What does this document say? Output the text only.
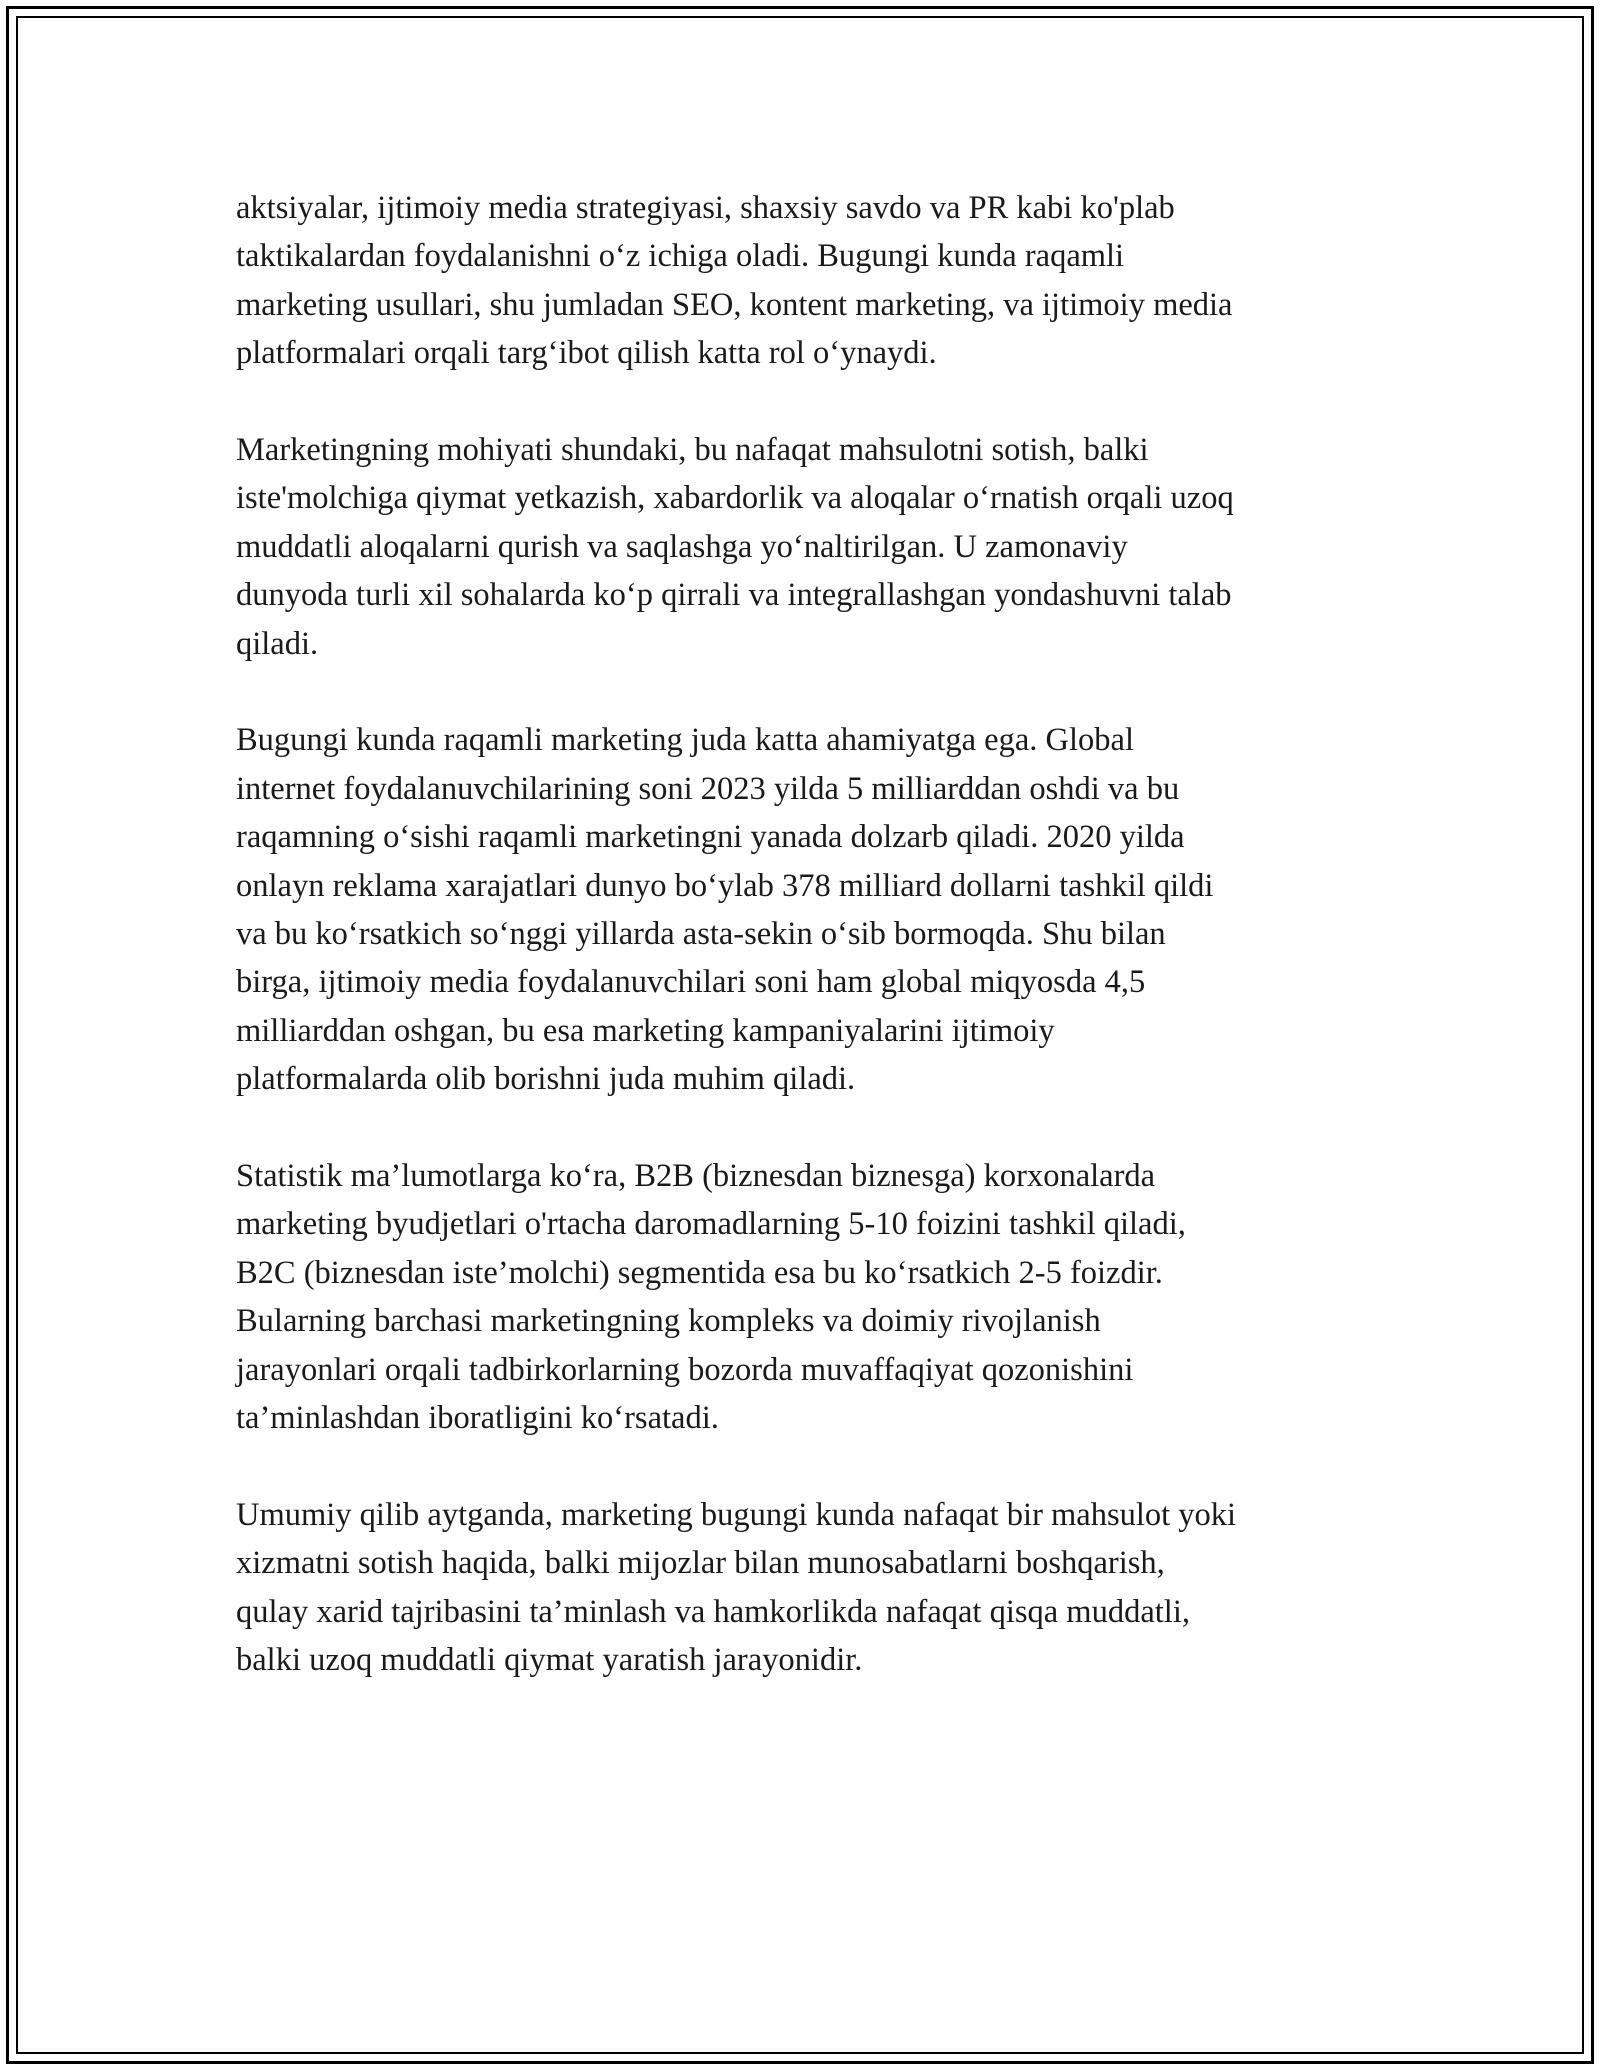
aktsiyalar, ijtimoiy media strategiyasi, shaxsiy savdo va PR kabi ko'plab
taktikalardan foydalanishni o‘z ichiga oladi. Bugungi kunda raqamli
marketing usullari, shu jumladan SEO, kontent marketing, va ijtimoiy media
platformalari orqali targ‘ibot qilish katta rol o‘ynaydi.

Marketingning mohiyati shundaki, bu nafaqat mahsulotni sotish, balki
iste'molchiga qiymat yetkazish, xabardorlik va aloqalar o‘rnatish orqali uzoq
muddatli aloqalarni qurish va saqlashga yo‘naltirilgan. U zamonaviy
dunyoda turli xil sohalarda ko‘p qirrali va integrallashgan yondashuvni talab
qiladi.

Bugungi kunda raqamli marketing juda katta ahamiyatga ega. Global
internet foydalanuvchilarining soni 2023 yilda 5 milliarddan oshdi va bu
raqamning o‘sishi raqamli marketingni yanada dolzarb qiladi. 2020 yilda
onlayn reklama xarajatlari dunyo bo‘ylab 378 milliard dollarni tashkil qildi
va bu ko‘rsatkich so‘nggi yillarda asta-sekin o‘sib bormoqda. Shu bilan
birga, ijtimoiy media foydalanuvchilari soni ham global miqyosda 4,5
milliarddan oshgan, bu esa marketing kampaniyalarini ijtimoiy
platformalarda olib borishni juda muhim qiladi.

Statistik ma’lumotlarga ko‘ra, B2B (biznesdan biznesga) korxonalarda
marketing byudjetlari o'rtacha daromadlarning 5-10 foizini tashkil qiladi,
B2C (biznesdan iste’molchi) segmentida esa bu ko‘rsatkich 2-5 foizdir.
Bularning barchasi marketingning kompleks va doimiy rivojlanish
jarayonlari orqali tadbirkorlarning bozorda muvaffaqiyat qozonishini
ta’minlashdan iboratligini ko‘rsatadi.

Umumiy qilib aytganda, marketing bugungi kunda nafaqat bir mahsulot yoki
xizmatni sotish haqida, balki mijozlar bilan munosabatlarni boshqarish,
qulay xarid tajribasini ta’minlash va hamkorlikda nafaqat qisqa muddatli,
balki uzoq muddatli qiymat yaratish jarayonidir.
